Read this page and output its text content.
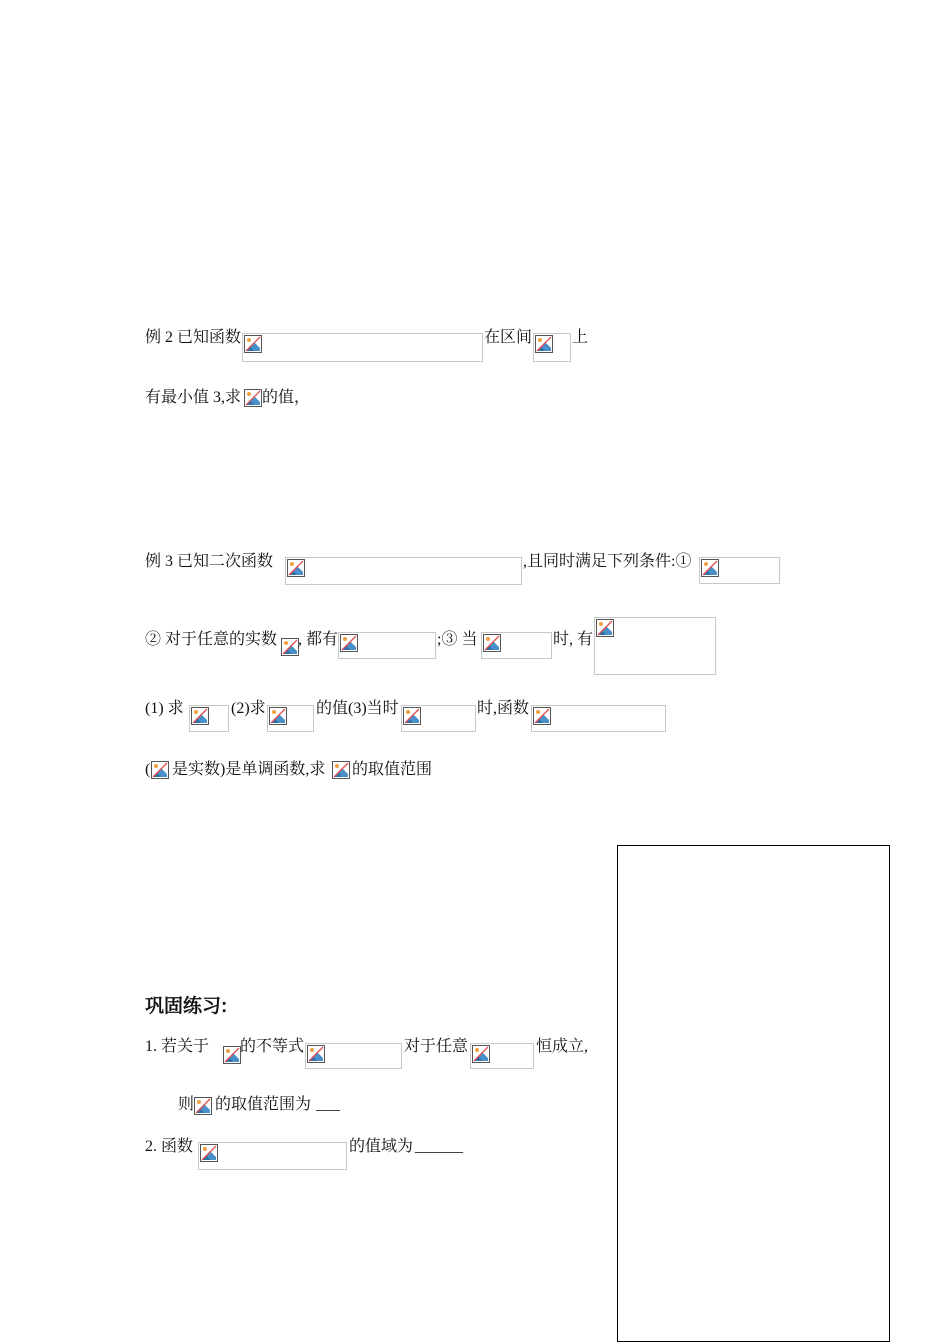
例 2 已知函数	在区间 上
有最小值 3,求 的值，
例 3 已知二次函数	,且同时满足下列条件:①
② 对于任意的实数 , 都有	;③ 当	时, 有
(1) 求	(2)求	的值(3)当时	时,函数
( 是实数)是单调函数,求 的取值范围
巩固练习:
1. 若关于 的不等式	对于任意	恒成立,
则 的取值范围为 ___
2. 函数	的值域为 ______
